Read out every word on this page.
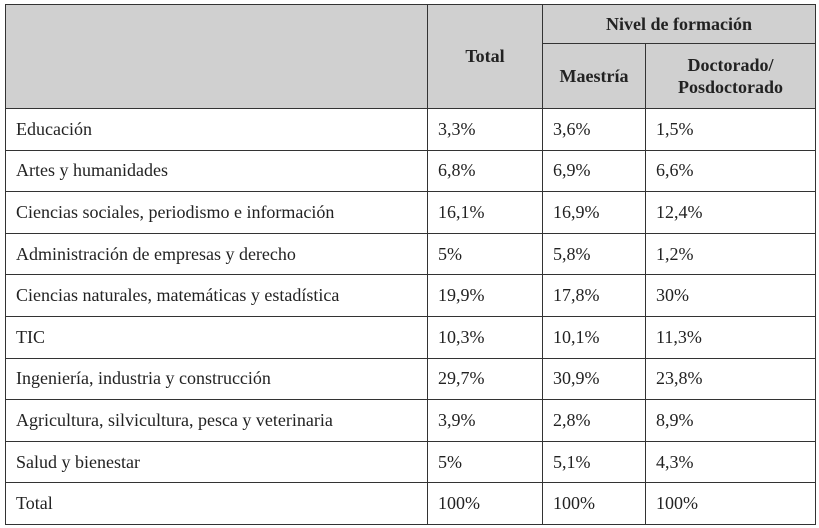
	Total	Nivel de formación	
		Maestría	Doctorado/
Posdoctorado
Educación	3,3%	3,6%	1,5%
Artes y humanidades	6,8%	6,9%	6,6%
Ciencias sociales, periodismo e información	16,1%	16,9%	12,4%
Administración de empresas y derecho	5%	5,8%	1,2%
Ciencias naturales, matemáticas y estadística	19,9%	17,8%	30%
TIC	10,3%	10,1%	11,3%
Ingeniería, industria y construcción	29,7%	30,9%	23,8%
Agricultura, silvicultura, pesca y veterinaria	3,9%	2,8%	8,9%
Salud y bienestar	5%	5,1%	4,3%
Total	100%	100%	100%
